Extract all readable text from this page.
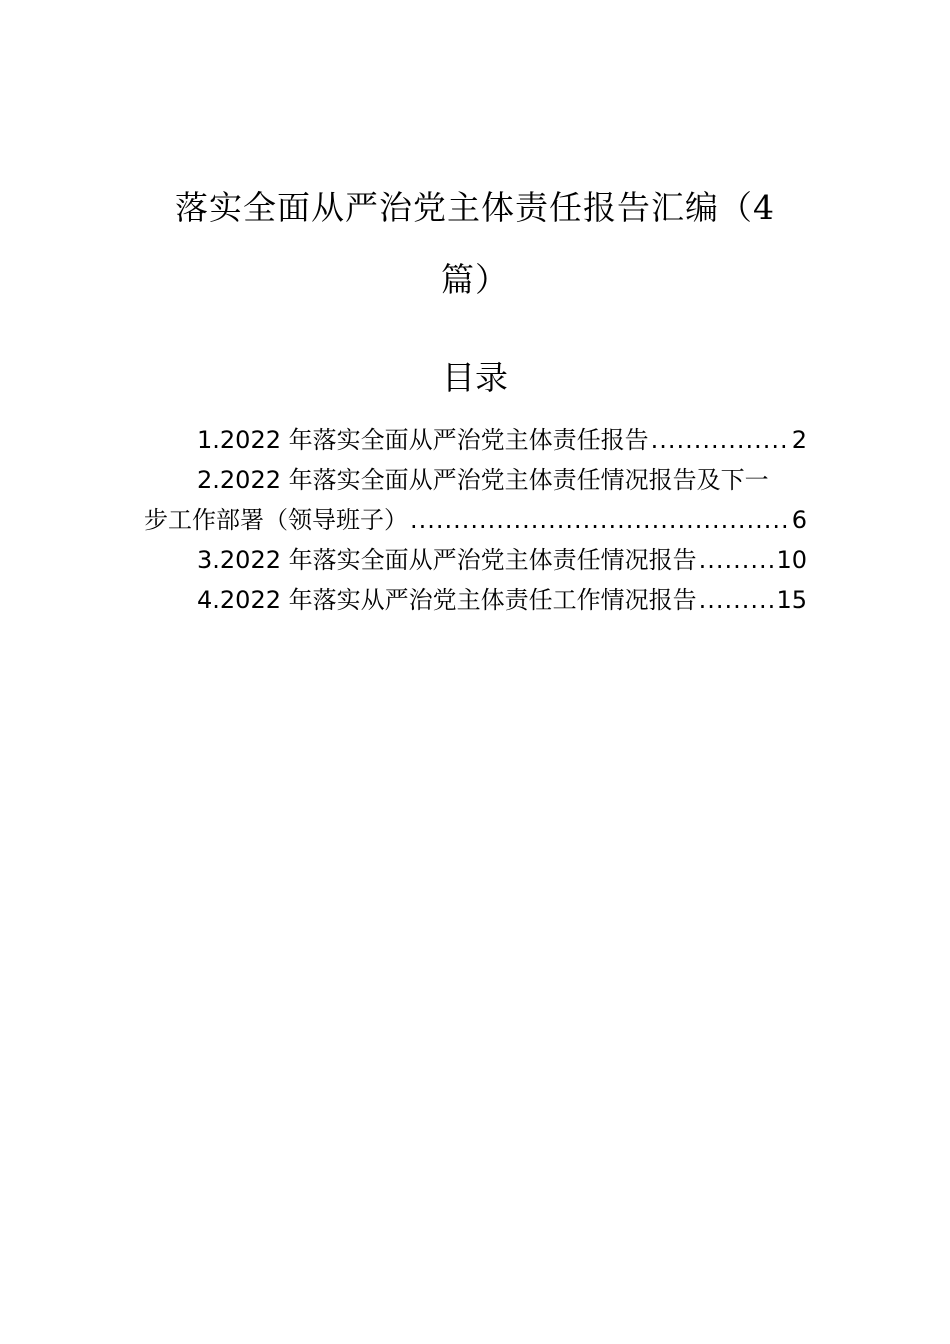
落实全面从严治党主体责任报告汇编（4篇）
目录
1.2022 年落实全面从严治党主体责任报告 .....	2
2.2022 年落实全面从严治党主体责任情况报告及下一
步工作部署（领导班子） .....	6
3.2022 年落实全面从严治党主体责任情况报告 .....	10
4.2022 年落实从严治党主体责任工作情况报告 .....	15
